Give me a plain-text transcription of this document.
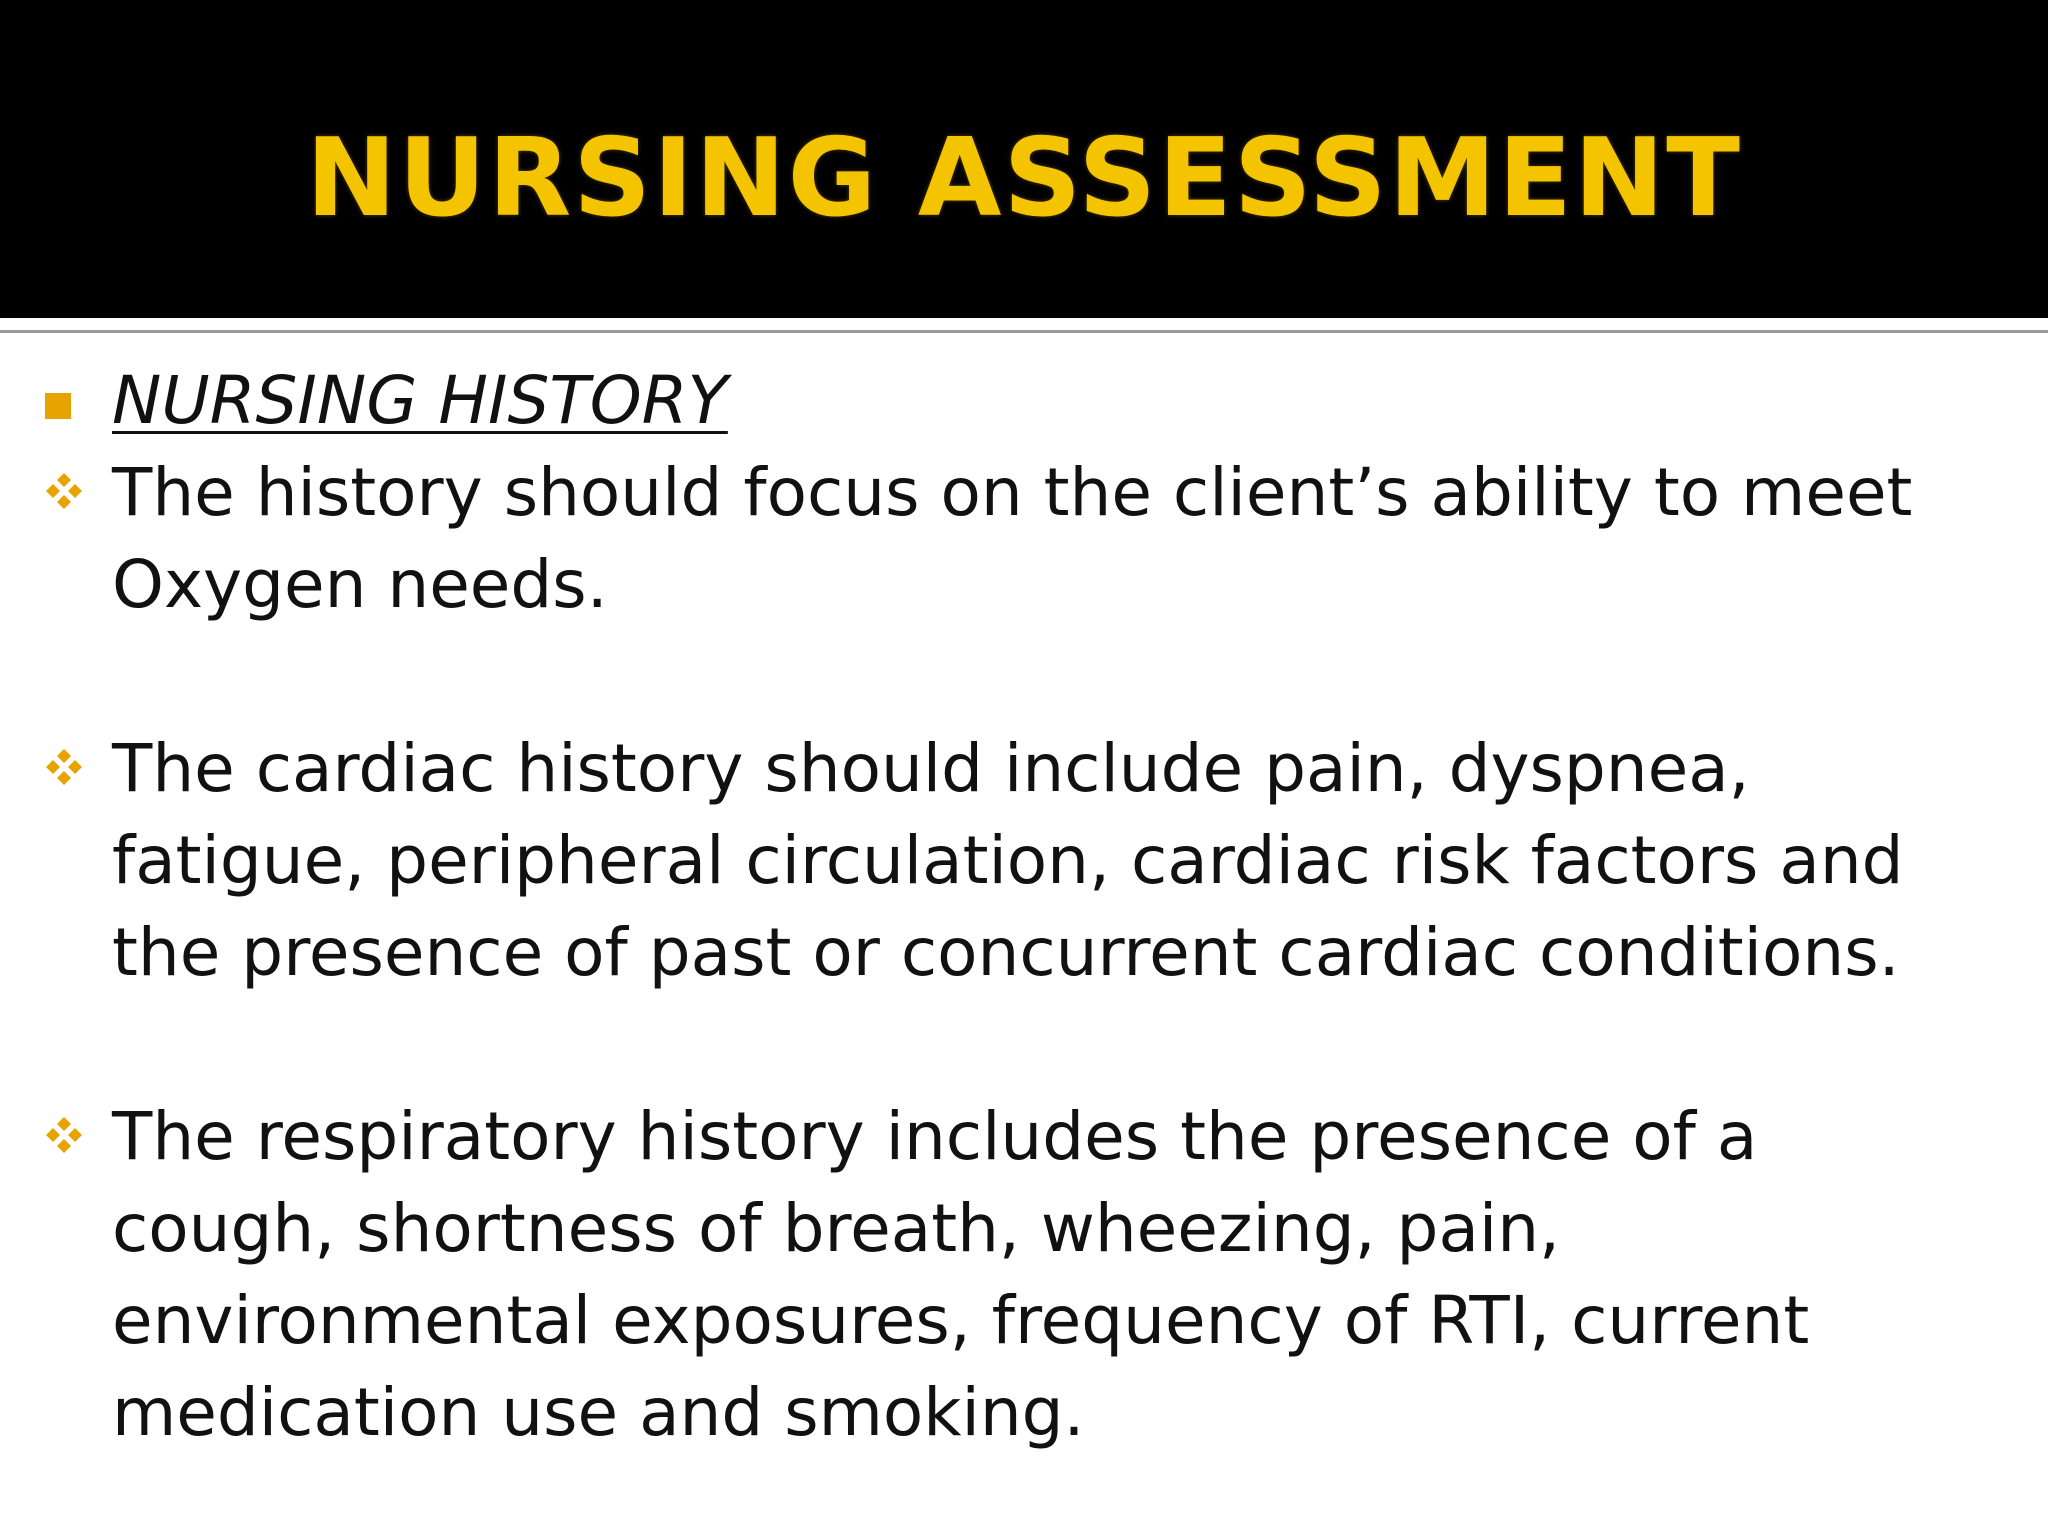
NURSING ASSESSMENT
NURSING HISTORY
The history should focus on the client’s ability to meet
Oxygen needs.
The cardiac history should include pain, dyspnea,
fatigue, peripheral circulation, cardiac risk factors and
the presence of past or concurrent cardiac conditions.
The respiratory history includes the presence of a
cough, shortness of breath, wheezing, pain,
environmental exposures, frequency of RTI, current
medication use and smoking.
